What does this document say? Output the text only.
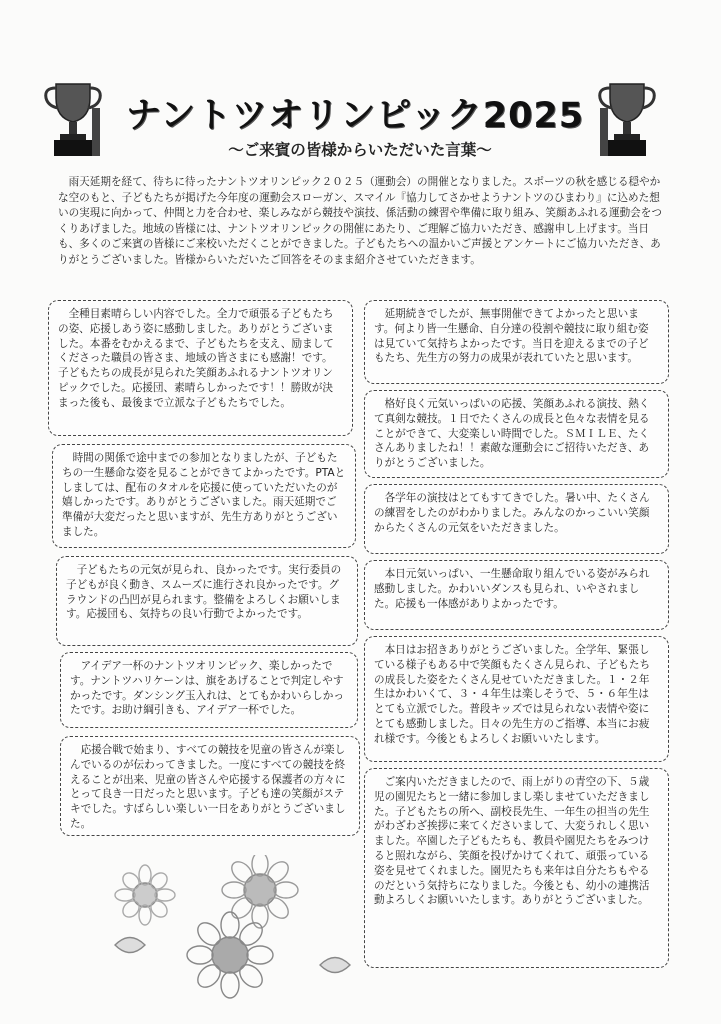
ナントツオリンピック2025
〜ご来賓の皆様からいただいた言葉〜
雨天延期を経て、待ちに待ったナントツオリンピック２０２５（運動会）の開催となりました。スポーツの秋を感じる穏やかな空のもと、子どもたちが掲げた今年度の運動会スローガン、スマイル『協力してさかせようナントツのひまわり』に込めた想いの実現に向かって、仲間と力を合わせ、楽しみながら競技や演技、係活動の練習や準備に取り組み、笑顔あふれる運動会をつくりあげました。地域の皆様には、ナントツオリンピックの開催にあたり、ご理解ご協力いただき、感謝申し上げます。当日も、多くのご来賓の皆様にご来校いただくことができました。子どもたちへの温かいご声援とアンケートにご協力いただき、ありがとうございました。皆様からいただいたご回答をそのまま紹介させていただきます。
全種目素晴らしい内容でした。全力で頑張る子どもたちの姿、応援しあう姿に感動しました。ありがとうございました。本番をむかえるまで、子どもたちを支え、励ましてくださった職員の皆さま、地域の皆さまにも感謝！です。子どもたちの成長が見られた笑顔あふれるナントツオリンピックでした。応援団、素晴らしかったです！！勝敗が決まった後も、最後まで立派な子どもたちでした。
時間の関係で途中までの参加となりましたが、子どもたちの一生懸命な姿を見ることができてよかったです。PTAとしましては、配布のタオルを応援に使っていただいたのが嬉しかったです。ありがとうございました。雨天延期でご準備が大変だったと思いますが、先生方ありがとうございました。
子どもたちの元気が見られ、良かったです。実行委員の子どもが良く動き、スムーズに進行され良かったです。グラウンドの凸凹が見られます。整備をよろしくお願いします。応援団も、気持ちの良い行動でよかったです。
アイデア一杯のナントツオリンピック、楽しかったです。ナントツハリケーンは、旗をあげることで判定しやすかったです。ダンシング玉入れは、とてもかわいらしかったです。お助け綱引きも、アイデア一杯でした。
応援合戦で始まり、すべての競技を児童の皆さんが楽しんでいるのが伝わってきました。一度にすべての競技を終えることが出来、児童の皆さんや応援する保護者の方々にとって良き一日だったと思います。子ども達の笑顔がステキでした。すばらしい楽しい一日をありがとうございました。
延期続きでしたが、無事開催できてよかったと思います。何より皆一生懸命、自分達の役割や競技に取り組む姿は見ていて気持ちよかったです。当日を迎えるまでの子どもたち、先生方の努力の成果が表れていたと思います。
格好良く元気いっぱいの応援、笑顔あふれる演技、熱くて真剣な競技。１日でたくさんの成長と色々な表情を見ることができて、大変楽しい時間でした。ＳＭＩＬＥ、たくさんありましたね！！素敵な運動会にご招待いただき、ありがとうございました。
各学年の演技はとてもすてきでした。暑い中、たくさんの練習をしたのがわかりました。みんなのかっこいい笑顔からたくさんの元気をいただきました。
本日元気いっぱい、一生懸命取り組んでいる姿がみられ感動しました。かわいいダンスも見られ、いやされました。応援も一体感がありよかったです。
本日はお招きありがとうございました。全学年、緊張している様子もある中で笑顔もたくさん見られ、子どもたちの成長した姿をたくさん見せていただきました。１・２年生はかわいくて、３・４年生は楽しそうで、５・６年生はとても立派でした。普段キッズでは見られない表情や姿にとても感動しました。日々の先生方のご指導、本当にお疲れ様です。今後ともよろしくお願いいたします。
ご案内いただきましたので、雨上がりの青空の下、５歳児の園児たちと一緒に参加しまし楽しませていただきました。子どもたちの所へ、副校長先生、一年生の担当の先生がわざわざ挨拶に来てくださいまして、大変うれしく思いました。卒園した子どもたちも、教員や園児たちをみつけると照れながら、笑顔を投げかけてくれて、頑張っている姿を見せてくれました。園児たちも来年は自分たちもやるのだという気持ちになりました。今後とも、幼小の連携活動よろしくお願いいたします。ありがとうございました。
